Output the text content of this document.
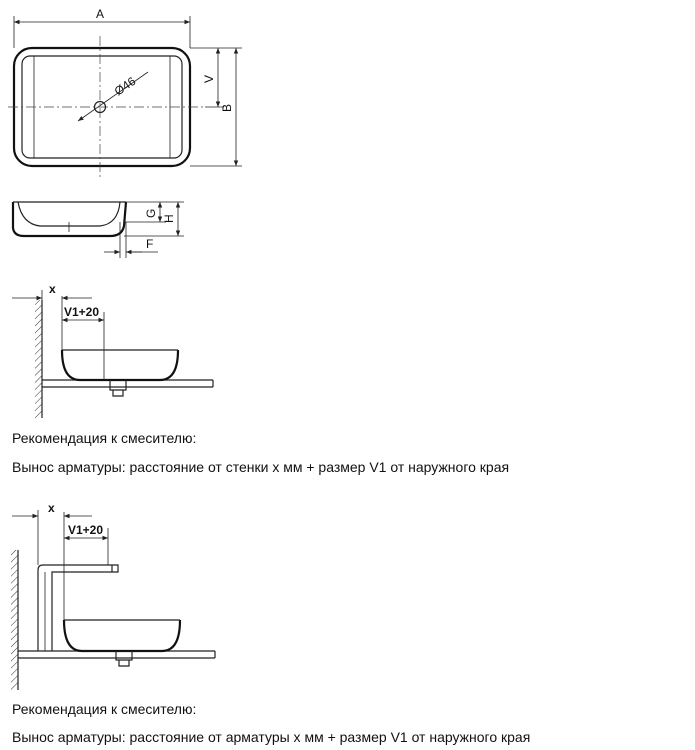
Ø46
A
V
B
G
H
F
x
V1+20
x
V1+20

Рекомендация к смесителю:

Вынос арматуры: расстояние от стенки x мм + размер V1 от наружного края

Рекомендация к смесителю:

Вынос арматуры: расстояние от арматуры x мм + размер V1 от наружного края
